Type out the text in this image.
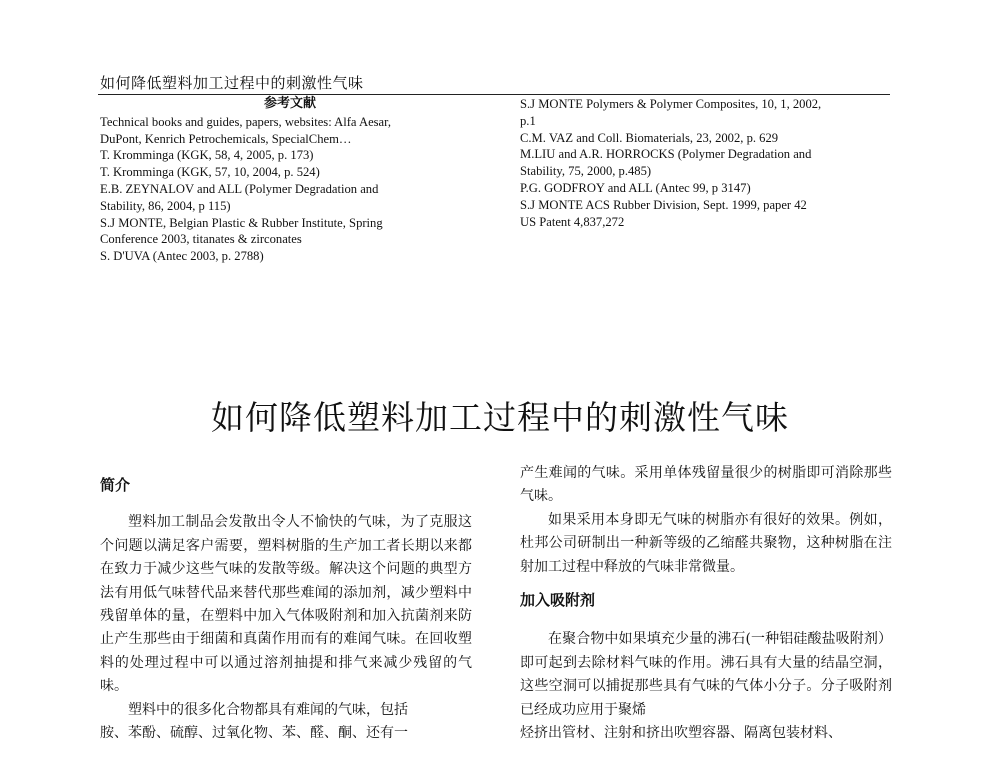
如何降低塑料加工过程中的刺激性气味
参考文献
Technical books and guides, papers, websites: Alfa Aesar,
DuPont, Kenrich Petrochemicals, SpecialChem…
T. Kromminga (KGK, 58, 4, 2005, p. 173)
T. Kromminga (KGK, 57, 10, 2004, p. 524)
E.B. ZEYNALOV and ALL (Polymer Degradation and
Stability, 86, 2004, p 115)
S.J MONTE, Belgian Plastic & Rubber Institute, Spring
Conference 2003, titanates & zirconates
S. D'UVA (Antec 2003, p. 2788)
S.J MONTE Polymers & Polymer Composites, 10, 1, 2002,
p.1
C.M. VAZ and Coll. Biomaterials, 23, 2002, p. 629
M.LIU and A.R. HORROCKS (Polymer Degradation and
Stability, 75, 2000, p.485)
P.G. GODFROY and ALL (Antec 99, p 3147)
S.J MONTE ACS Rubber Division, Sept. 1999, paper 42
US Patent 4,837,272
如何降低塑料加工过程中的刺激性气味
简介
塑料加工制品会发散出令人不愉快的气味，为了克服这个问题以满足客户需要，塑料树脂的生产加工者长期以来都在致力于减少这些气味的发散等级。解决这个问题的典型方法有用低气味替代品来替代那些难闻的添加剂，减少塑料中残留单体的量，在塑料中加入气体吸附剂和加入抗菌剂来防止产生那些由于细菌和真菌作用而有的难闻气味。在回收塑料的处理过程中可以通过溶剂抽提和排气来减少残留的气味。
塑料中的很多化合物都具有难闻的气味，包括
胺、苯酚、硫醇、过氧化物、苯、醛、酮、还有一
产生难闻的气味。采用单体残留量很少的树脂即可消除那些气味。
如果采用本身即无气味的树脂亦有很好的效果。例如，杜邦公司研制出一种新等级的乙缩醛共聚物，这种树脂在注射加工过程中释放的气味非常微量。
加入吸附剂
在聚合物中如果填充少量的沸石(一种铝硅酸盐吸附剂）即可起到去除材料气味的作用。沸石具有大量的结晶空洞，这些空洞可以捕捉那些具有气味的气体小分子。分子吸附剂已经成功应用于聚烯
烃挤出管材、注射和挤出吹塑容器、隔离包装材料、
